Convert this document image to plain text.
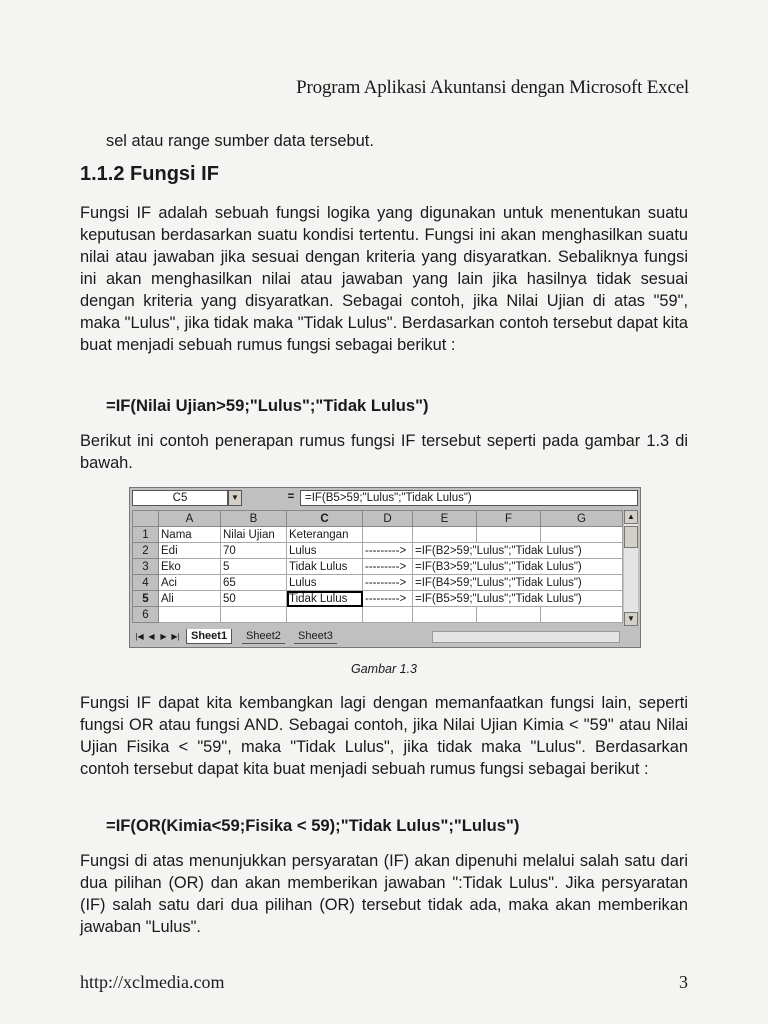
Program Aplikasi Akuntansi dengan Microsoft Excel
sel atau range sumber data tersebut.
1.1.2 Fungsi IF
Fungsi IF adalah sebuah fungsi logika yang digunakan untuk menentukan suatu keputusan berdasarkan suatu kondisi tertentu. Fungsi ini akan menghasilkan suatu nilai atau jawaban jika sesuai dengan kriteria yang disyaratkan. Sebaliknya fungsi ini akan menghasilkan nilai atau jawaban yang lain jika hasilnya tidak sesuai dengan kriteria yang disyaratkan. Sebagai contoh, jika Nilai Ujian di atas "59", maka "Lulus", jika tidak maka "Tidak Lulus". Berdasarkan contoh tersebut dapat kita buat menjadi sebuah rumus fungsi sebagai berikut :
=IF(Nilai Ujian>59;"Lulus";"Tidak Lulus")
Berikut ini contoh penerapan rumus fungsi IF tersebut seperti pada gambar 1.3 di bawah.
C5	▼	= =IF(B5>59;"Lulus";"Tidak Lulus")
	A	B	C	D	E	F	G
1	Nama	Nilai Ujian	Keterangan				
2	Edi	70	Lulus	--------->	=IF(B2>59;"Lulus";"Tidak Lulus")		
3	Eko	5	Tidak Lulus	--------->	=IF(B3>59;"Lulus";"Tidak Lulus")		
4	Aci	65	Lulus	--------->	=IF(B4>59;"Lulus";"Tidak Lulus")		
5	Ali	50	Tidak Lulus	--------->	=IF(B5>59;"Lulus";"Tidak Lulus")		
6							
▲
▼
|◀ ◀ ▶ ▶|	Sheet1	Sheet2	Sheet3
Gambar 1.3
Fungsi IF dapat kita kembangkan lagi dengan memanfaatkan fungsi lain, seperti fungsi OR atau fungsi AND. Sebagai contoh, jika Nilai Ujian Kimia < "59" atau Nilai Ujian Fisika < "59", maka "Tidak Lulus", jika tidak maka "Lulus". Berdasarkan contoh tersebut dapat kita buat menjadi sebuah rumus fungsi sebagai berikut :
=IF(OR(Kimia<59;Fisika < 59);"Tidak Lulus";"Lulus")
Fungsi di atas menunjukkan persyaratan (IF) akan dipenuhi melalui salah satu dari dua pilihan (OR) dan akan memberikan jawaban ":Tidak Lulus". Jika persyaratan (IF) salah satu dari dua pilihan (OR) tersebut tidak ada, maka akan memberikan jawaban "Lulus".
http://xclmedia.com	3
